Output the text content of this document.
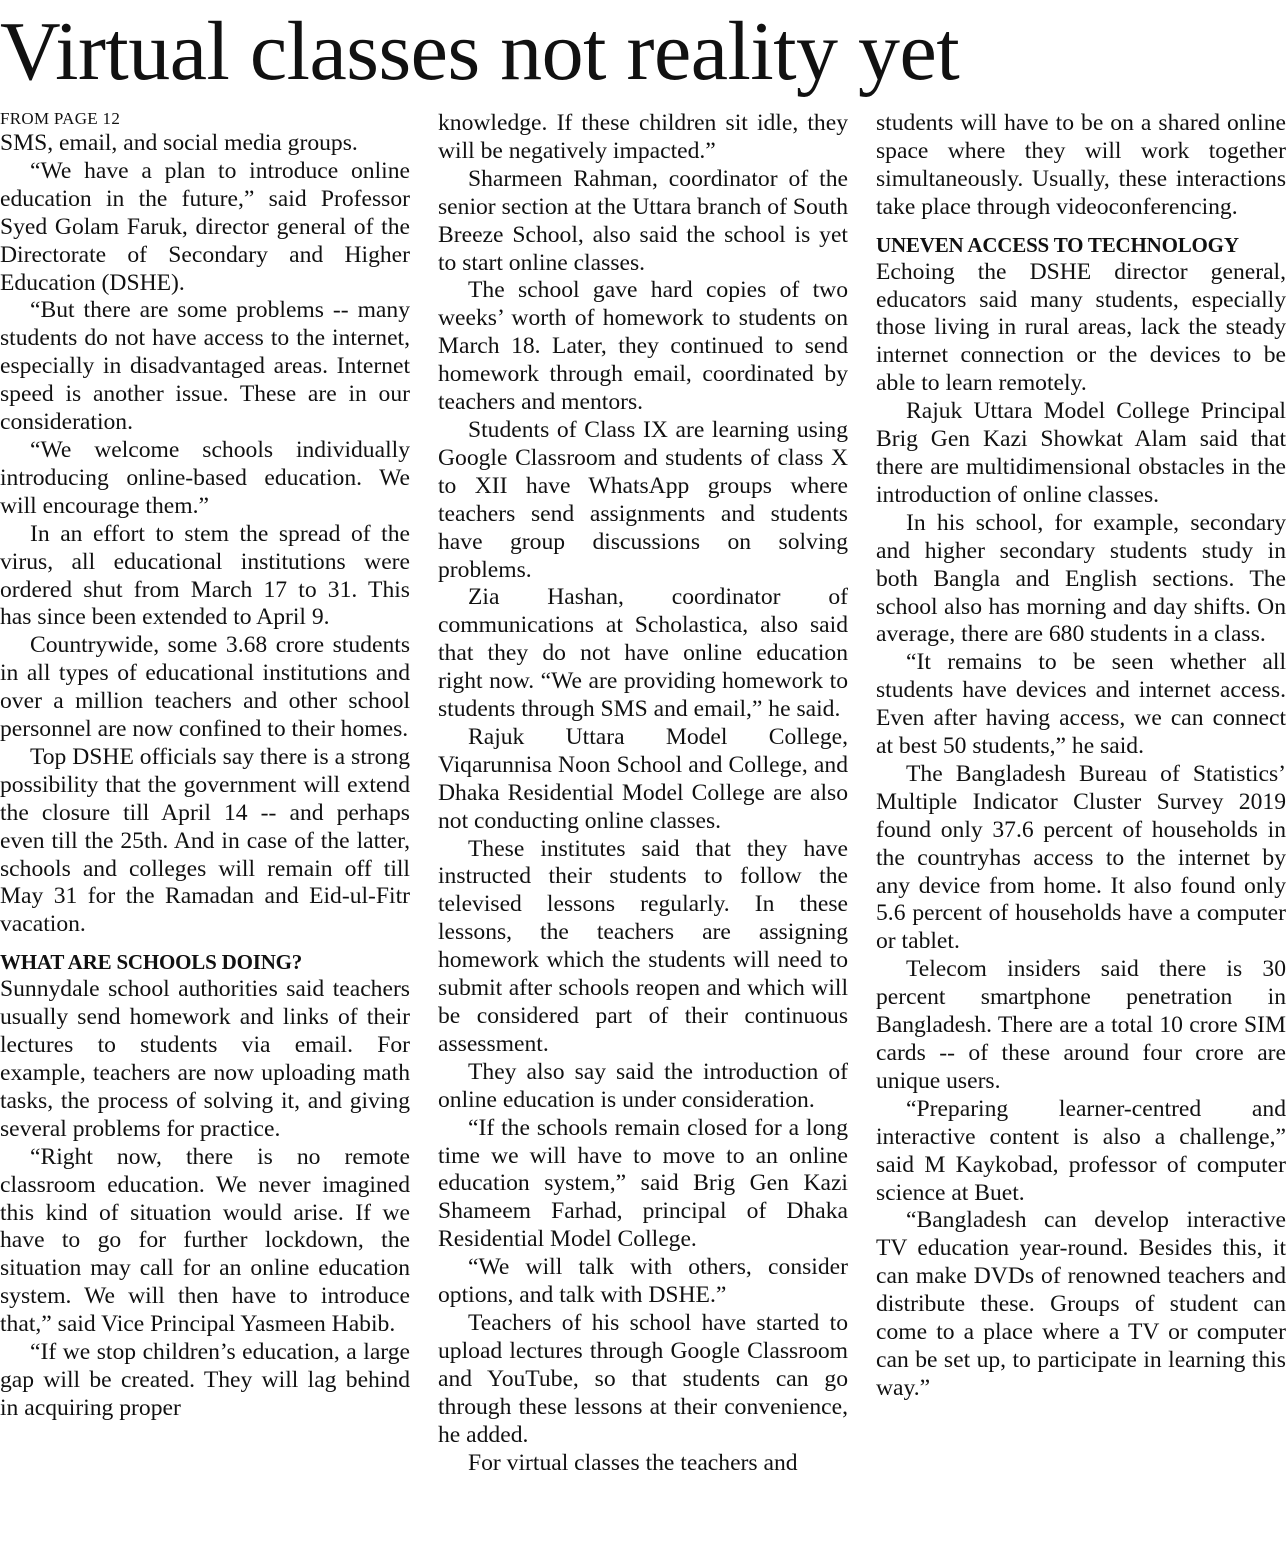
Virtual classes not reality yet
FROM PAGE 12

SMS, email, and social media groups.

“We have a plan to introduce online education in the future,” said Professor Syed Golam Faruk, director general of the Directorate of Secondary and Higher Education (DSHE).

“But there are some problems -- many students do not have access to the internet, especially in disadvantaged areas. Internet speed is another issue. These are in our consideration.

“We welcome schools individually introducing online-based education. We will encourage them.”

In an effort to stem the spread of the virus, all educational institutions were ordered shut from March 17 to 31. This has since been extended to April 9.

Countrywide, some 3.68 crore students in all types of educational institutions and over a million teachers and other school personnel are now confined to their homes.

Top DSHE officials say there is a strong possibility that the government will extend the closure till April 14 -- and perhaps even till the 25th. And in case of the latter, schools and colleges will remain off till May 31 for the Ramadan and Eid-ul-Fitr vacation.

WHAT ARE SCHOOLS DOING?

Sunnydale school authorities said teachers usually send homework and links of their lectures to students via email. For example, teachers are now uploading math tasks, the process of solving it, and giving several problems for practice.

“Right now, there is no remote classroom education. We never imagined this kind of situation would arise. If we have to go for further lockdown, the situation may call for an online education system. We will then have to introduce that,” said Vice Principal Yasmeen Habib.

“If we stop children’s education, a large gap will be created. They will lag behind in acquiring proper

knowledge. If these children sit idle, they will be negatively impacted.”

Sharmeen Rahman, coordinator of the senior section at the Uttara branch of South Breeze School, also said the school is yet to start online classes.

The school gave hard copies of two weeks’ worth of homework to students on March 18. Later, they continued to send homework through email, coordinated by teachers and mentors.

Students of Class IX are learning using Google Classroom and students of class X to XII have WhatsApp groups where teachers send assignments and students have group discussions on solving problems.

Zia Hashan, coordinator of communications at Scholastica, also said that they do not have online education right now. “We are providing homework to students through SMS and email,” he said.

Rajuk Uttara Model College, Viqarunnisa Noon School and College, and Dhaka Residential Model College are also not conducting online classes.

These institutes said that they have instructed their students to follow the televised lessons regularly. In these lessons, the teachers are assigning homework which the students will need to submit after schools reopen and which will be considered part of their continuous assessment.

They also say said the introduction of online education is under consideration.

“If the schools remain closed for a long time we will have to move to an online education system,” said Brig Gen Kazi Shameem Farhad, principal of Dhaka Residential Model College.

“We will talk with others, consider options, and talk with DSHE.”

Teachers of his school have started to upload lectures through Google Classroom and YouTube, so that students can go through these lessons at their convenience, he added.

For virtual classes the teachers and

students will have to be on a shared online space where they will work together simultaneously. Usually, these interactions take place through videoconferencing.

UNEVEN ACCESS TO TECHNOLOGY

Echoing the DSHE director general, educators said many students, especially those living in rural areas, lack the steady internet connection or the devices to be able to learn remotely.

Rajuk Uttara Model College Principal Brig Gen Kazi Showkat Alam said that there are multidimensional obstacles in the introduction of online classes.

In his school, for example, secondary and higher secondary students study in both Bangla and English sections. The school also has morning and day shifts. On average, there are 680 students in a class.

“It remains to be seen whether all students have devices and internet access. Even after having access, we can connect at best 50 students,” he said.

The Bangladesh Bureau of Statistics’ Multiple Indicator Cluster Survey 2019 found only 37.6 percent of households in the countryhas access to the internet by any device from home. It also found only 5.6 percent of households have a computer or tablet.

Telecom insiders said there is 30 percent smartphone penetration in Bangladesh. There are a total 10 crore SIM cards -- of these around four crore are unique users.

“Preparing learner-centred and interactive content is also a challenge,” said M Kaykobad, professor of computer science at Buet.

“Bangladesh can develop interactive TV education year-round. Besides this, it can make DVDs of renowned teachers and distribute these. Groups of student can come to a place where a TV or computer can be set up, to participate in learning this way.”
